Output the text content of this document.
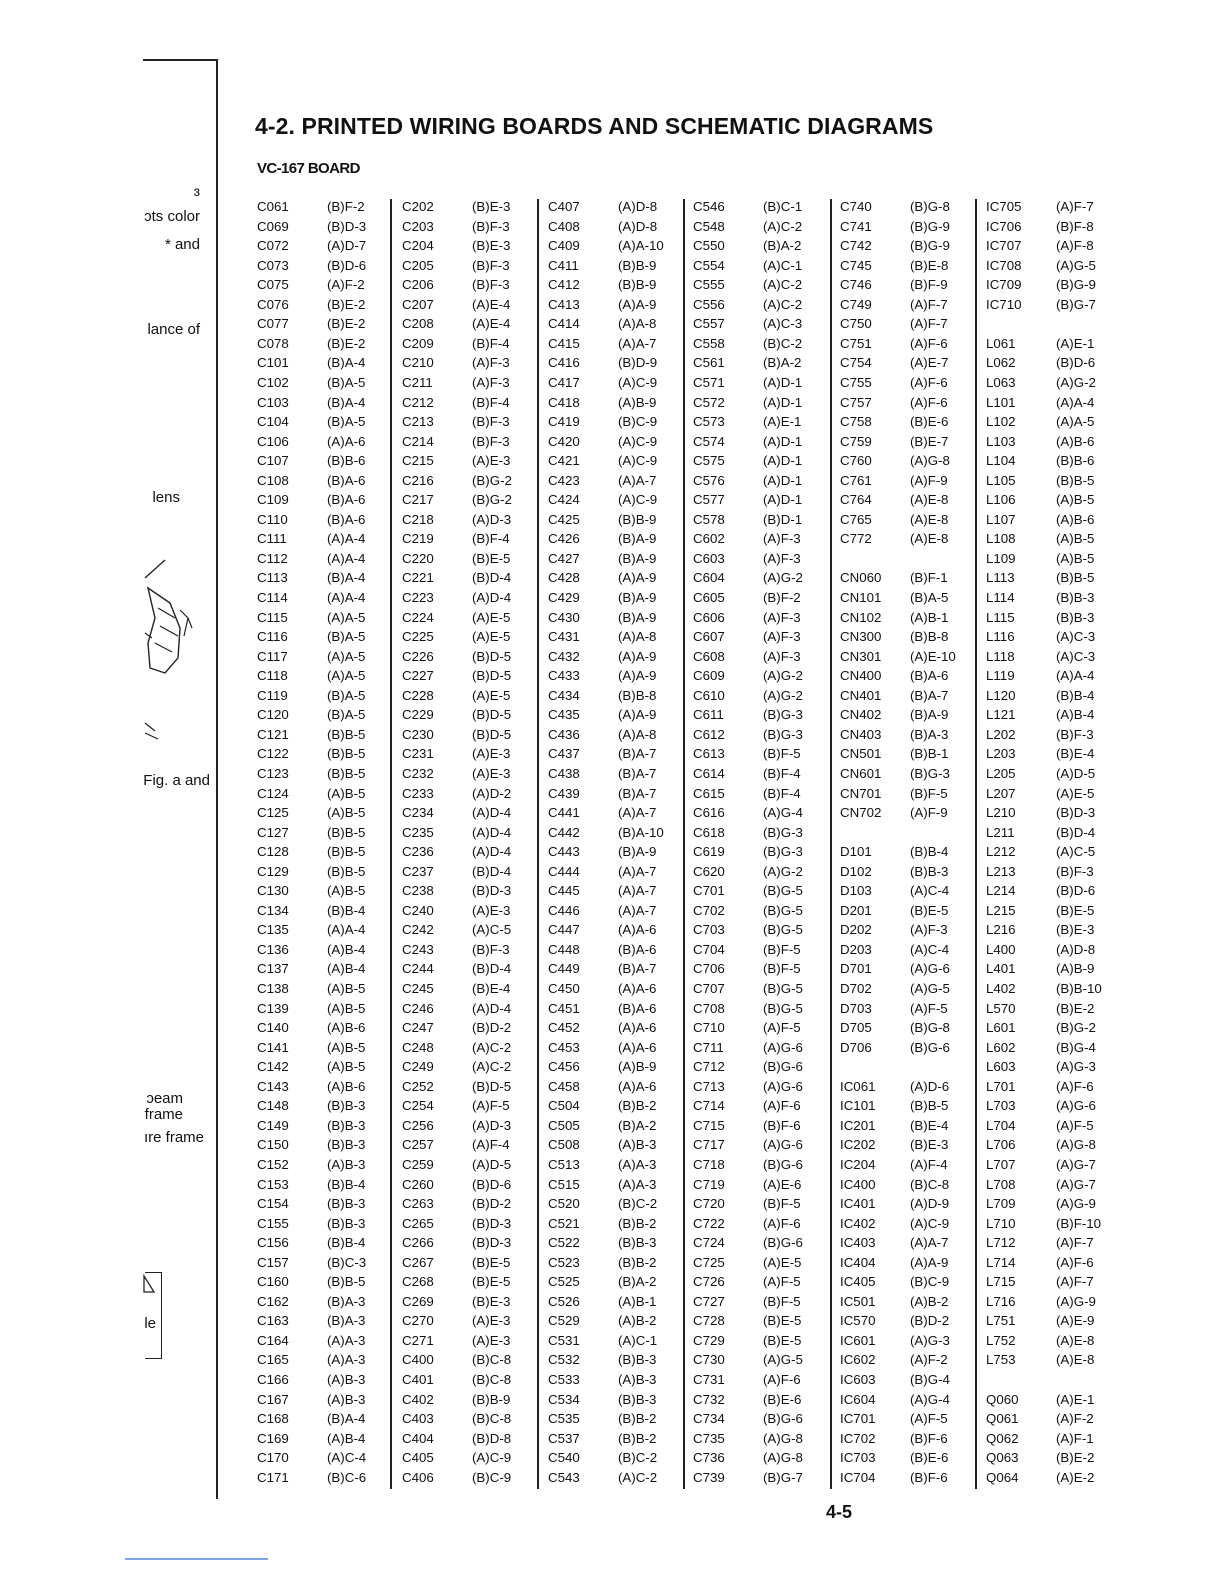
ɜ
ɔts color
* and
lance of
lens
Fig. a and
ɔeam
frame
ıre frame
le
4-2. PRINTED WIRING BOARDS AND SCHEMATIC DIAGRAMS
VC-167 BOARD
C061	(B)F-2
C069	(B)D-3
C072	(A)D-7
C073	(B)D-6
C075	(A)F-2
C076	(B)E-2
C077	(B)E-2
C078	(B)E-2
C101	(B)A-4
C102	(B)A-5
C103	(B)A-4
C104	(B)A-5
C106	(A)A-6
C107	(B)B-6
C108	(B)A-6
C109	(B)A-6
C110	(B)A-6
C111	(A)A-4
C112	(A)A-4
C113	(B)A-4
C114	(A)A-4
C115	(A)A-5
C116	(B)A-5
C117	(A)A-5
C118	(A)A-5
C119	(B)A-5
C120	(B)A-5
C121	(B)B-5
C122	(B)B-5
C123	(B)B-5
C124	(A)B-5
C125	(A)B-5
C127	(B)B-5
C128	(B)B-5
C129	(B)B-5
C130	(A)B-5
C134	(B)B-4
C135	(A)A-4
C136	(A)B-4
C137	(A)B-4
C138	(A)B-5
C139	(A)B-5
C140	(A)B-6
C141	(A)B-5
C142	(A)B-5
C143	(A)B-6
C148	(B)B-3
C149	(B)B-3
C150	(B)B-3
C152	(A)B-3
C153	(B)B-4
C154	(B)B-3
C155	(B)B-3
C156	(B)B-4
C157	(B)C-3
C160	(B)B-5
C162	(B)A-3
C163	(B)A-3
C164	(A)A-3
C165	(A)A-3
C166	(A)B-3
C167	(A)B-3
C168	(B)A-4
C169	(A)B-4
C170	(A)C-4
C171	(B)C-6
C202	(B)E-3
C203	(B)F-3
C204	(B)E-3
C205	(B)F-3
C206	(B)F-3
C207	(A)E-4
C208	(A)E-4
C209	(B)F-4
C210	(A)F-3
C211	(A)F-3
C212	(B)F-4
C213	(B)F-3
C214	(B)F-3
C215	(A)E-3
C216	(B)G-2
C217	(B)G-2
C218	(A)D-3
C219	(B)F-4
C220	(B)E-5
C221	(B)D-4
C223	(A)D-4
C224	(A)E-5
C225	(A)E-5
C226	(B)D-5
C227	(B)D-5
C228	(A)E-5
C229	(B)D-5
C230	(B)D-5
C231	(A)E-3
C232	(A)E-3
C233	(A)D-2
C234	(A)D-4
C235	(A)D-4
C236	(A)D-4
C237	(B)D-4
C238	(B)D-3
C240	(A)E-3
C242	(A)C-5
C243	(B)F-3
C244	(B)D-4
C245	(B)E-4
C246	(A)D-4
C247	(B)D-2
C248	(A)C-2
C249	(A)C-2
C252	(B)D-5
C254	(A)F-5
C256	(A)D-3
C257	(A)F-4
C259	(A)D-5
C260	(B)D-6
C263	(B)D-2
C265	(B)D-3
C266	(B)D-3
C267	(B)E-5
C268	(B)E-5
C269	(B)E-3
C270	(A)E-3
C271	(A)E-3
C400	(B)C-8
C401	(B)C-8
C402	(B)B-9
C403	(B)C-8
C404	(B)D-8
C405	(A)C-9
C406	(B)C-9
C407	(A)D-8
C408	(A)D-8
C409	(A)A-10
C411	(B)B-9
C412	(B)B-9
C413	(A)A-9
C414	(A)A-8
C415	(A)A-7
C416	(B)D-9
C417	(A)C-9
C418	(A)B-9
C419	(B)C-9
C420	(A)C-9
C421	(A)C-9
C423	(A)A-7
C424	(A)C-9
C425	(B)B-9
C426	(B)A-9
C427	(B)A-9
C428	(A)A-9
C429	(B)A-9
C430	(B)A-9
C431	(A)A-8
C432	(A)A-9
C433	(A)A-9
C434	(B)B-8
C435	(A)A-9
C436	(A)A-8
C437	(B)A-7
C438	(B)A-7
C439	(B)A-7
C441	(A)A-7
C442	(B)A-10
C443	(B)A-9
C444	(A)A-7
C445	(A)A-7
C446	(A)A-7
C447	(A)A-6
C448	(B)A-6
C449	(B)A-7
C450	(A)A-6
C451	(B)A-6
C452	(A)A-6
C453	(A)A-6
C456	(A)B-9
C458	(A)A-6
C504	(B)B-2
C505	(B)A-2
C508	(A)B-3
C513	(A)A-3
C515	(A)A-3
C520	(B)C-2
C521	(B)B-2
C522	(B)B-3
C523	(B)B-2
C525	(B)A-2
C526	(A)B-1
C529	(A)B-2
C531	(A)C-1
C532	(B)B-3
C533	(A)B-3
C534	(B)B-3
C535	(B)B-2
C537	(B)B-2
C540	(B)C-2
C543	(A)C-2
C546	(B)C-1
C548	(A)C-2
C550	(B)A-2
C554	(A)C-1
C555	(A)C-2
C556	(A)C-2
C557	(A)C-3
C558	(B)C-2
C561	(B)A-2
C571	(A)D-1
C572	(A)D-1
C573	(A)E-1
C574	(A)D-1
C575	(A)D-1
C576	(A)D-1
C577	(A)D-1
C578	(B)D-1
C602	(A)F-3
C603	(A)F-3
C604	(A)G-2
C605	(B)F-2
C606	(A)F-3
C607	(A)F-3
C608	(A)F-3
C609	(A)G-2
C610	(A)G-2
C611	(B)G-3
C612	(B)G-3
C613	(B)F-5
C614	(B)F-4
C615	(B)F-4
C616	(A)G-4
C618	(B)G-3
C619	(B)G-3
C620	(A)G-2
C701	(B)G-5
C702	(B)G-5
C703	(B)G-5
C704	(B)F-5
C706	(B)F-5
C707	(B)G-5
C708	(B)G-5
C710	(A)F-5
C711	(A)G-6
C712	(B)G-6
C713	(A)G-6
C714	(A)F-6
C715	(B)F-6
C717	(A)G-6
C718	(B)G-6
C719	(A)E-6
C720	(B)F-5
C722	(A)F-6
C724	(B)G-6
C725	(A)E-5
C726	(A)F-5
C727	(B)F-5
C728	(B)E-5
C729	(B)E-5
C730	(A)G-5
C731	(A)F-6
C732	(B)E-6
C734	(B)G-6
C735	(A)G-8
C736	(A)G-8
C739	(B)G-7
C740	(B)G-8
C741	(B)G-9
C742	(B)G-9
C745	(B)E-8
C746	(B)F-9
C749	(A)F-7
C750	(A)F-7
C751	(A)F-6
C754	(A)E-7
C755	(A)F-6
C757	(A)F-6
C758	(B)E-6
C759	(B)E-7
C760	(A)G-8
C761	(A)F-9
C764	(A)E-8
C765	(A)E-8
C772	(A)E-8
CN060 (B)F-1
CN101 (B)A-5
CN102 (A)B-1
CN300 (B)B-8
CN301 (A)E-10
CN400 (B)A-6
CN401 (B)A-7
CN402 (B)A-9
CN403 (B)A-3
CN501 (B)B-1
CN601 (B)G-3
CN701 (B)F-5
CN702 (A)F-9
D101	(B)B-4
D102	(B)B-3
D103	(A)C-4
D201	(B)E-5
D202	(A)F-3
D203	(A)C-4
D701	(A)G-6
D702	(A)G-5
D703	(A)F-5
D705	(B)G-8
D706	(B)G-6
IC061	(A)D-6
IC101	(B)B-5
IC201	(B)E-4
IC202	(B)E-3
IC204	(A)F-4
IC400	(B)C-8
IC401	(A)D-9
IC402	(A)C-9
IC403	(A)A-7
IC404	(A)A-9
IC405	(B)C-9
IC501	(A)B-2
IC570	(B)D-2
IC601	(A)G-3
IC602	(A)F-2
IC603	(B)G-4
IC604	(A)G-4
IC701	(A)F-5
IC702	(B)F-6
IC703	(B)E-6
IC704	(B)F-6
IC705	(A)F-7
IC706	(B)F-8
IC707	(A)F-8
IC708	(A)G-5
IC709	(B)G-9
IC710	(B)G-7
L061	(A)E-1
L062	(B)D-6
L063	(A)G-2
L101	(A)A-4
L102	(A)A-5
L103	(A)B-6
L104	(B)B-6
L105	(B)B-5
L106	(A)B-5
L107	(A)B-6
L108	(A)B-5
L109	(A)B-5
L113	(B)B-5
L114	(B)B-3
L115	(B)B-3
L116	(A)C-3
L118	(A)C-3
L119	(A)A-4
L120	(B)B-4
L121	(A)B-4
L202	(B)F-3
L203	(B)E-4
L205	(A)D-5
L207	(A)E-5
L210	(B)D-3
L211	(B)D-4
L212	(A)C-5
L213	(B)F-3
L214	(B)D-6
L215	(B)E-5
L216	(B)E-3
L400	(A)D-8
L401	(A)B-9
L402	(B)B-10
L570	(B)E-2
L601	(B)G-2
L602	(B)G-4
L603	(A)G-3
L701	(A)F-6
L703	(A)G-6
L704	(A)F-5
L706	(A)G-8
L707	(A)G-7
L708	(A)G-7
L709	(A)G-9
L710	(B)F-10
L712	(A)F-7
L714	(A)F-6
L715	(A)F-7
L716	(A)G-9
L751	(A)E-9
L752	(A)E-8
L753	(A)E-8
Q060	(A)E-1
Q061	(A)F-2
Q062	(A)F-1
Q063	(B)E-2
Q064	(A)E-2
4-5
